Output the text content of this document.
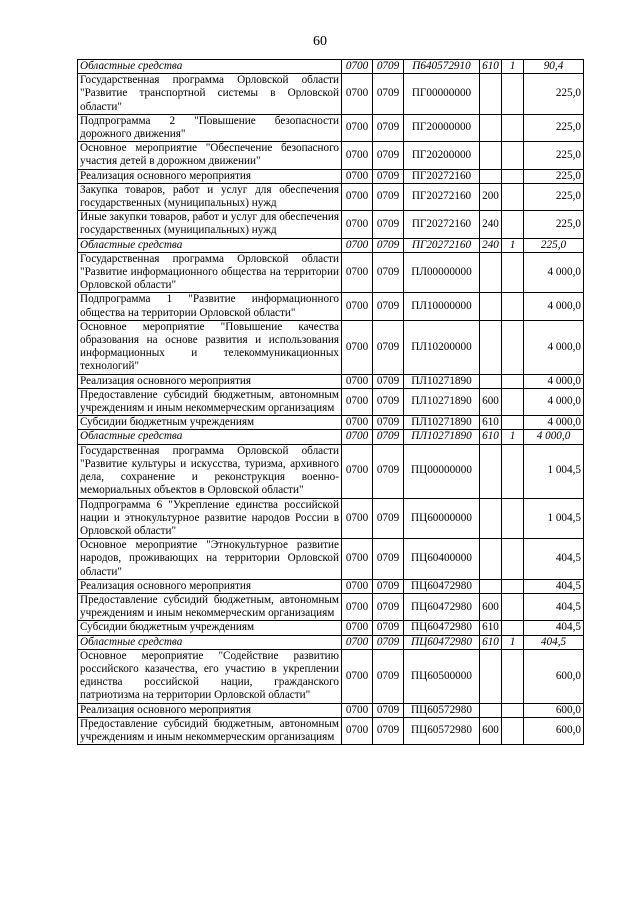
60
Областные средства	0700	0709	П640572910	610	1	90,4
Государственная программа Орловской области "Развитие транспортной системы в Орловской области"	0700	0709	ПГ00000000			225,0
Подпрограмма 2 "Повышение безопасности дорожного движения"	0700	0709	ПГ20000000			225,0
Основное мероприятие "Обеспечение безопасного участия детей в дорожном движении"	0700	0709	ПГ20200000			225,0
Реализация основного мероприятия	0700	0709	ПГ20272160			225,0
Закупка товаров, работ и услуг для обеспечения государственных (муниципальных) нужд	0700	0709	ПГ20272160	200		225,0
Иные закупки товаров, работ и услуг для обеспечения государственных (муниципальных) нужд	0700	0709	ПГ20272160	240		225,0
Областные средства	0700	0709	ПГ20272160	240	1	225,0
Государственная программа Орловской области "Развитие информационного общества на территории Орловской области"	0700	0709	ПЛ00000000			4 000,0
Подпрограмма 1 "Развитие информационного общества на территории Орловской области"	0700	0709	ПЛ10000000			4 000,0
Основное мероприятие "Повышение качества образования на основе развития и использования информационных и телекоммуникационных технологий"	0700	0709	ПЛ10200000			4 000,0
Реализация основного мероприятия	0700	0709	ПЛ10271890			4 000,0
Предоставление субсидий бюджетным, автономным учреждениям и иным некоммерческим организациям	0700	0709	ПЛ10271890	600		4 000,0
Субсидии бюджетным учреждениям	0700	0709	ПЛ10271890	610		4 000,0
Областные средства	0700	0709	ПЛ10271890	610	1	4 000,0
Государственная программа Орловской области "Развитие культуры и искусства, туризма, архивного дела, сохранение и реконструкция военно-мемориальных объектов в Орловской области"	0700	0709	ПЦ00000000			1 004,5
Подпрограмма 6 "Укрепление единства российской нации и этнокультурное развитие народов России в Орловской области"	0700	0709	ПЦ60000000			1 004,5
Основное мероприятие "Этнокультурное развитие народов, проживающих на территории Орловской области"	0700	0709	ПЦ60400000			404,5
Реализация основного мероприятия	0700	0709	ПЦ60472980			404,5
Предоставление субсидий бюджетным, автономным учреждениям и иным некоммерческим организациям	0700	0709	ПЦ60472980	600		404,5
Субсидии бюджетным учреждениям	0700	0709	ПЦ60472980	610		404,5
Областные средства	0700	0709	ПЦ60472980	610	1	404,5
Основное мероприятие "Содействие развитию российского казачества, его участию в укреплении единства российской нации, гражданского патриотизма на территории Орловской области"	0700	0709	ПЦ60500000			600,0
Реализация основного мероприятия	0700	0709	ПЦ60572980			600,0
Предоставление субсидий бюджетным, автономным учреждениям и иным некоммерческим организациям	0700	0709	ПЦ60572980	600		600,0
